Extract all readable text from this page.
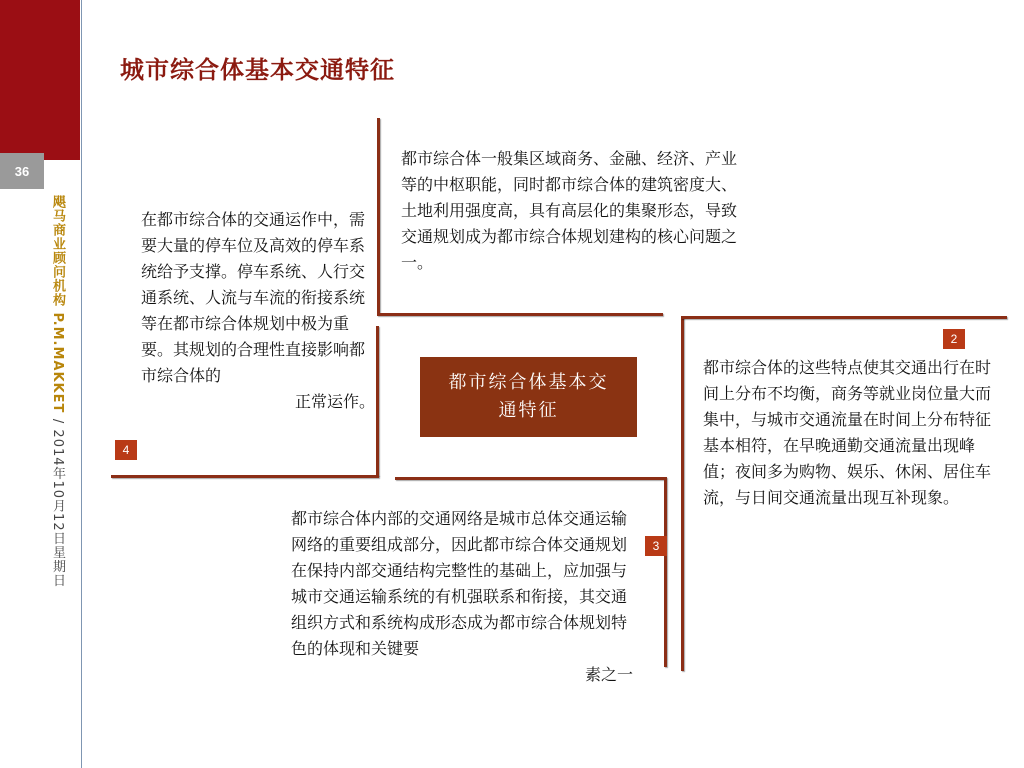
36
飓马商业顾问机构 P.M.MAKKET / 2014年10月12日星期日
城市综合体基本交通特征
都市综合体一般集区域商务、金融、经济、产业等的中枢职能，同时都市综合体的建筑密度大、土地利用强度高，具有高层化的集聚形态，导致交通规划成为都市综合体规划建构的核心问题之一。
在都市综合体的交通运作中，需要大量的停车位及高效的停车系统给予支撑。停车系统、人行交通系统、人流与车流的衔接系统等在都市综合体规划中极为重要。其规划的合理性直接影响都市综合体的
正常运作。
都市综合体的这些特点使其交通出行在时间上分布不均衡，商务等就业岗位量大而集中，与城市交通流量在时间上分布特征基本相符，在早晚通勤交通流量出现峰值；夜间多为购物、娱乐、休闲、居住车流，与日间交通流量出现互补现象。
都市综合体内部的交通网络是城市总体交通运输网络的重要组成部分，因此都市综合体交通规划在保持内部交通结构完整性的基础上，应加强与城市交通运输系统的有机强联系和衔接，其交通组织方式和系统构成形态成为都市综合体规划特色的体现和关键要
素之一
都市综合体基本交通特征
2
3
4
